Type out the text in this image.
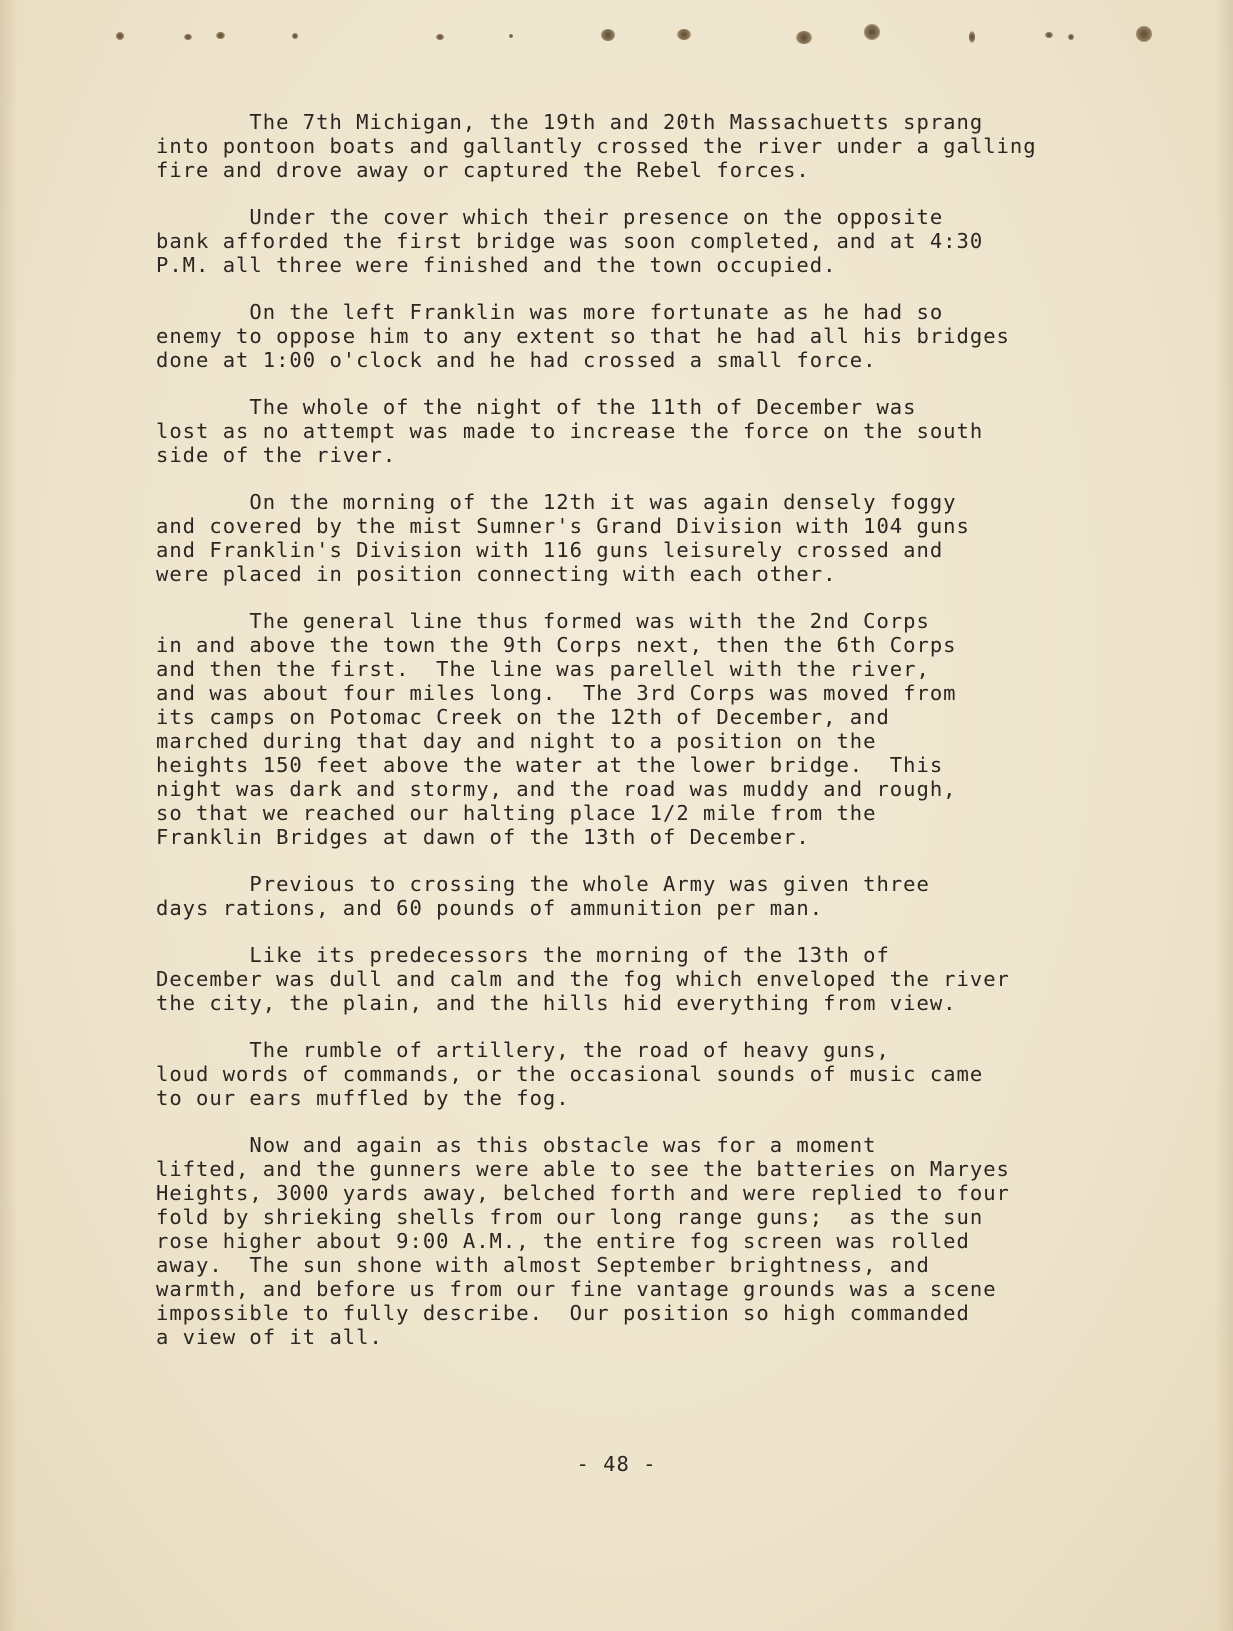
The 7th Michigan, the 19th and 20th Massachuetts sprang
into pontoon boats and gallantly crossed the river under a galling
fire and drove away or captured the Rebel forces.
Under the cover which their presence on the opposite
bank afforded the first bridge was soon completed, and at 4:30
P.M. all three were finished and the town occupied.
On the left Franklin was more fortunate as he had so
enemy to oppose him to any extent so that he had all his bridges
done at 1:00 o'clock and he had crossed a small force.
The whole of the night of the 11th of December was
lost as no attempt was made to increase the force on the south
side of the river.
On the morning of the 12th it was again densely foggy
and covered by the mist Sumner's Grand Division with 104 guns
and Franklin's Division with 116 guns leisurely crossed and
were placed in position connecting with each other.
The general line thus formed was with the 2nd Corps
in and above the town the 9th Corps next, then the 6th Corps
and then the first.  The line was parellel with the river,
and was about four miles long.  The 3rd Corps was moved from
its camps on Potomac Creek on the 12th of December, and
marched during that day and night to a position on the
heights 150 feet above the water at the lower bridge.  This
night was dark and stormy, and the road was muddy and rough,
so that we reached our halting place 1/2 mile from the
Franklin Bridges at dawn of the 13th of December.
Previous to crossing the whole Army was given three
days rations, and 60 pounds of ammunition per man.
Like its predecessors the morning of the 13th of
December was dull and calm and the fog which enveloped the river
the city, the plain, and the hills hid everything from view.
The rumble of artillery, the road of heavy guns,
loud words of commands, or the occasional sounds of music came
to our ears muffled by the fog.
Now and again as this obstacle was for a moment
lifted, and the gunners were able to see the batteries on Maryes
Heights, 3000 yards away, belched forth and were replied to four
fold by shrieking shells from our long range guns;  as the sun
rose higher about 9:00 A.M., the entire fog screen was rolled
away.  The sun shone with almost September brightness, and
warmth, and before us from our fine vantage grounds was a scene
impossible to fully describe.  Our position so high commanded
a view of it all.
- 48 -
